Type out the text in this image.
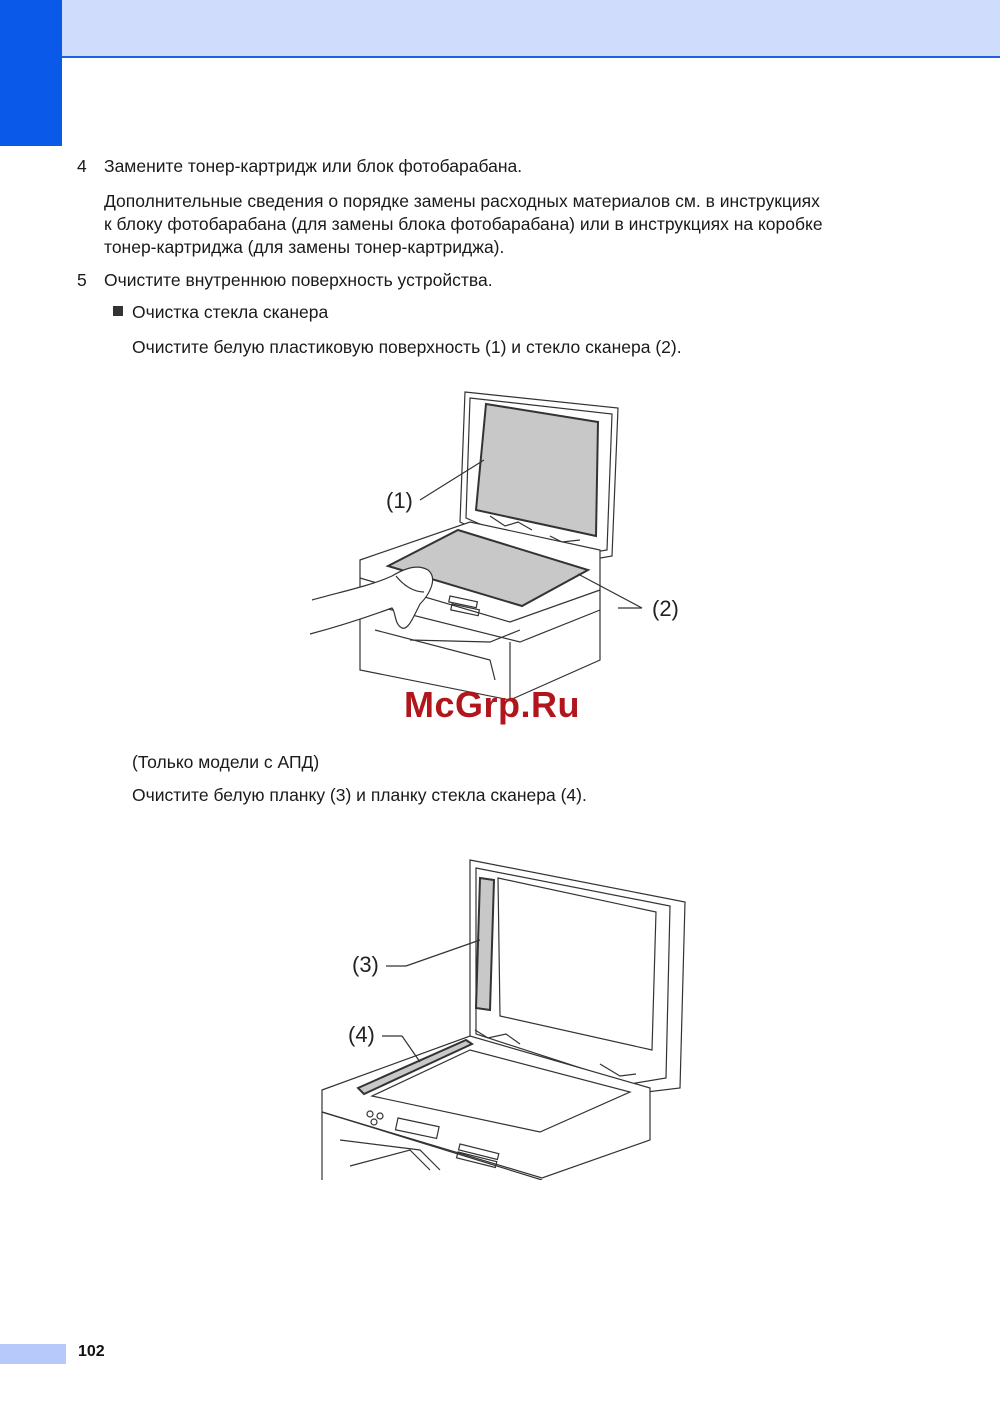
4 Замените тонер-картридж или блок фотобарабана.
Дополнительные сведения о порядке замены расходных материалов см. в инструкциях
к блоку фотобарабана (для замены блока фотобарабана) или в инструкциях на коробке
тонер-картриджа (для замены тонер-картриджа).
5 Очистите внутреннюю поверхность устройства.
Очистка стекла сканера
Очистите белую пластиковую поверхность (1) и стекло сканера (2).
(1)
(2)
McGrp.Ru
(Только модели с АПД)
Очистите белую планку (3) и планку стекла сканера (4).
(3)
(4)
102
